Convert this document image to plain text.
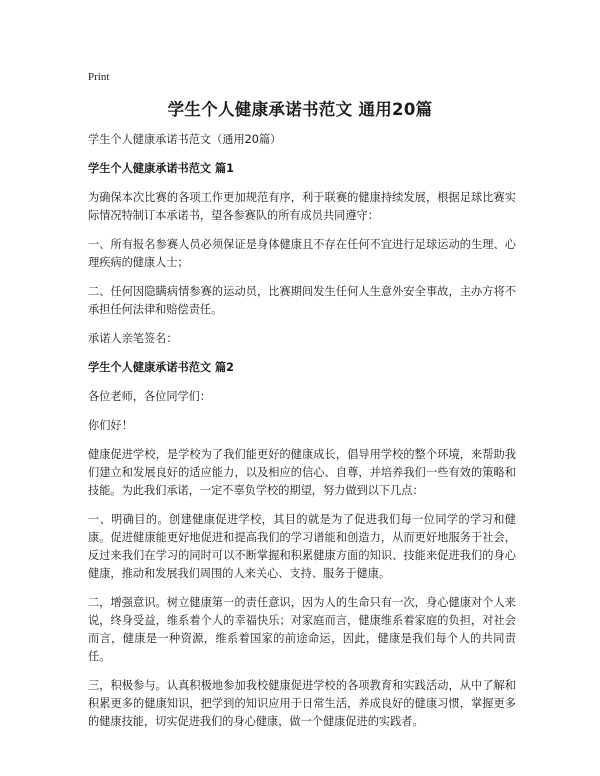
Print
学生个人健康承诺书范文 通用20篇

学生个人健康承诺书范文（通用20篇）

学生个人健康承诺书范文 篇1

为确保本次比赛的各项工作更加规范有序，利于联赛的健康持续发展，根据足球比赛实际情况特制订本承诺书，望各参赛队的所有成员共同遵守：

一、所有报名参赛人员必须保证是身体健康且不存在任何不宜进行足球运动的生理、心理疾病的健康人士；

二、任何因隐瞒病情参赛的运动员，比赛期间发生任何人生意外安全事故，主办方将不承担任何法律和赔偿责任。

承诺人亲笔签名：

学生个人健康承诺书范文 篇2

各位老师，各位同学们：

你们好！

健康促进学校，是学校为了我们能更好的健康成长，倡导用学校的整个环境，来帮助我们建立和发展良好的适应能力，以及相应的信心、自尊，并培养我们一些有效的策略和技能。为此我们承诺，一定不辜负学校的期望，努力做到以下几点：

一、明确目的。创建健康促进学校，其目的就是为了促进我们每一位同学的学习和健康。促进健康能更好地促进和提高我们的学习谱能和创造力，从而更好地服务于社会，反过来我们在学习的同时可以不断掌握和积累健康方面的知识、技能来促进我们的身心健康，推动和发展我们周围的人来关心、支持、服务于健康。

二，增强意识。树立健康第一的责任意识，因为人的生命只有一次，身心健康对个人来说，终身受益，维系着个人的幸福快乐；对家庭而言，健康维系着家庭的负担，对社会而言，健康是一种资源，维系着国家的前途命运，因此，健康是我们每个人的共同责任。

三，积极参与。认真积极地参加我校健康促进学校的各项教育和实践活动，从中了解和积累更多的健康知识，把学到的知识应用于日常生活，养成良好的健康习惯，掌握更多的健康技能，切实促进我们的身心健康，做一个健康促进的实践者。
